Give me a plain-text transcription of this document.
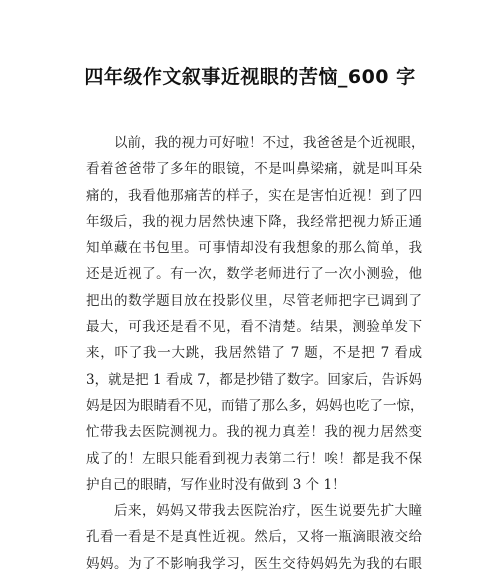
四年级作文叙事近视眼的苦恼_600 字
以前，我的视力可好啦！不过，我爸爸是个近视眼，
看着爸爸带了多年的眼镜，不是叫鼻梁痛，就是叫耳朵
痛的，我看他那痛苦的样子，实在是害怕近视！到了四
年级后，我的视力居然快速下降，我经常把视力矫正通
知单藏在书包里。可事情却没有我想象的那么简单，我
还是近视了。有一次，数学老师进行了一次小测验，他
把出的数学题目放在投影仪里，尽管老师把字已调到了
最大，可我还是看不见，看不清楚。结果，测验单发下
来，吓了我一大跳，我居然错了 7 题，不是把 7 看成
3，就是把 1 看成 7，都是抄错了数字。回家后，告诉妈
妈是因为眼睛看不见，而错了那么多，妈妈也吃了一惊，
忙带我去医院测视力。我的视力真差！我的视力居然变
成了的！左眼只能看到视力表第二行！唉！都是我不保
护自己的眼睛，写作业时没有做到 3 个 1！
后来，妈妈又带我去医院治疗，医生说要先扩大瞳
孔看一看是不是真性近视。然后，又将一瓶滴眼液交给
妈妈。为了不影响我学习，医生交待妈妈先为我的右眼
